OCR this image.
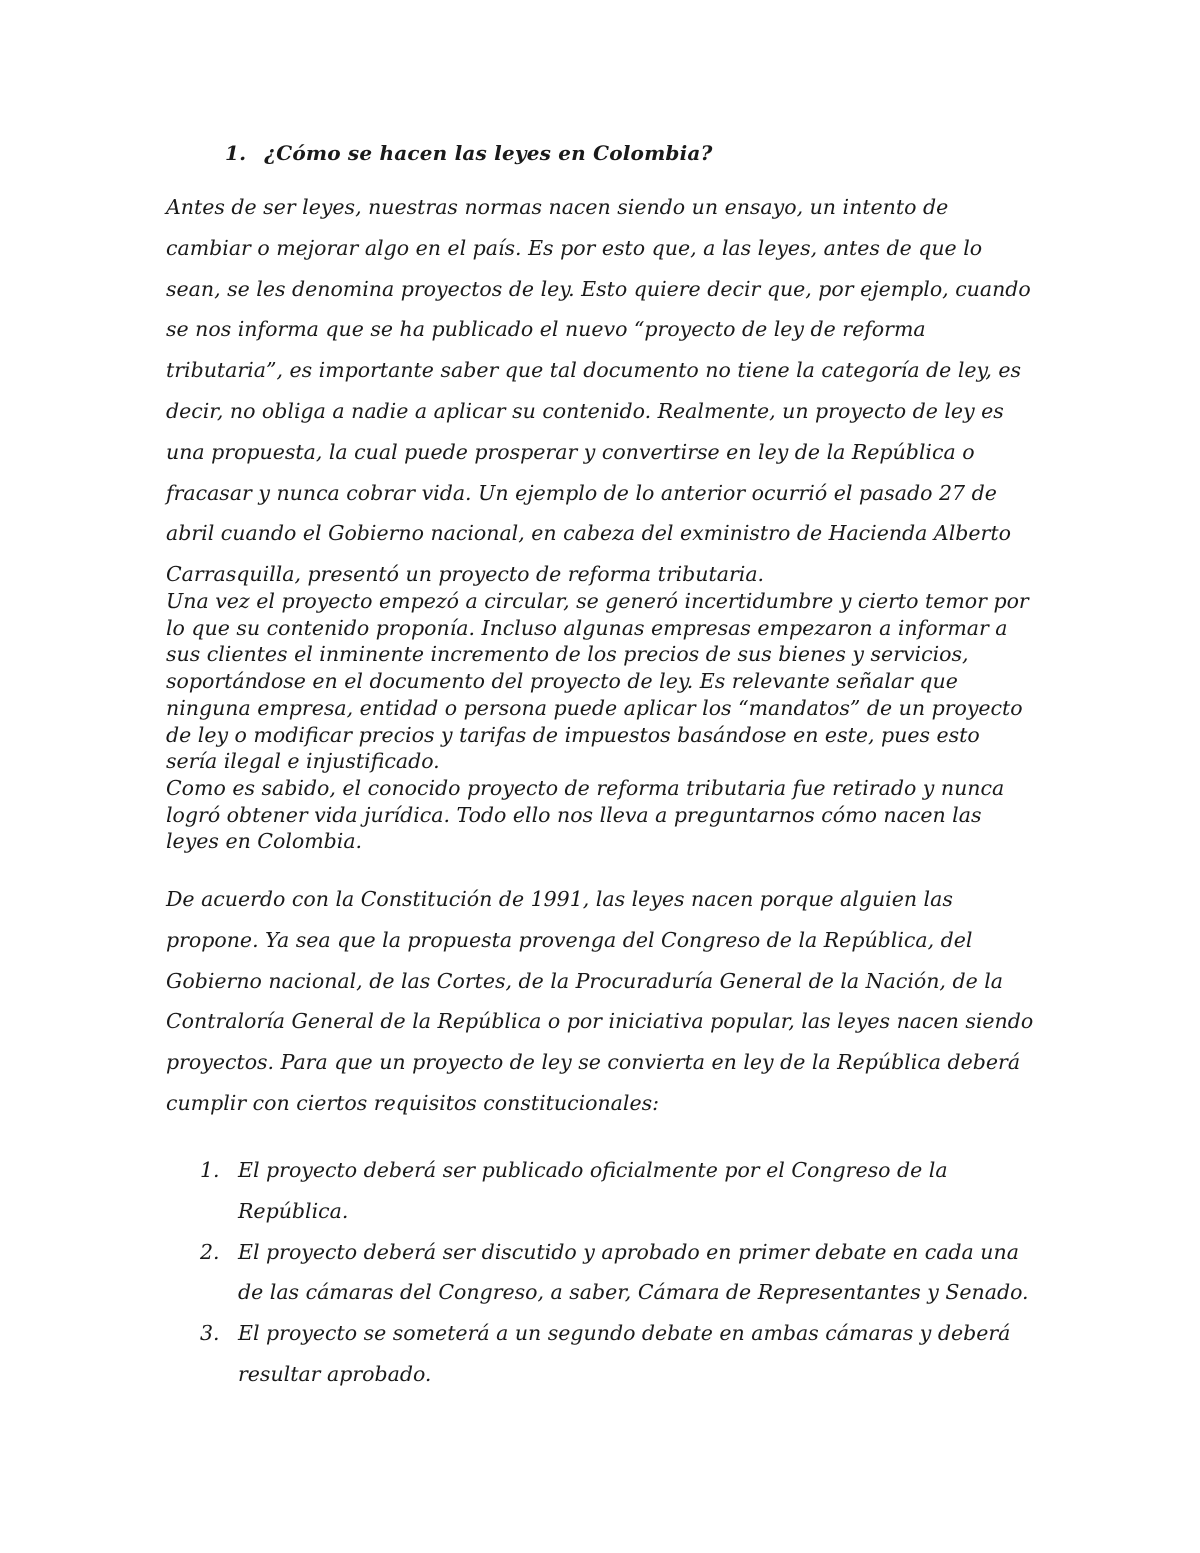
1. ¿Cómo se hacen las leyes en Colombia?

Antes de ser leyes, nuestras normas nacen siendo un ensayo, un intento de cambiar o mejorar algo en el país. Es por esto que, a las leyes, antes de que lo sean, se les denomina proyectos de ley. Esto quiere decir que, por ejemplo, cuando se nos informa que se ha publicado el nuevo “proyecto de ley de reforma tributaria”, es importante saber que tal documento no tiene la categoría de ley, es decir, no obliga a nadie a aplicar su contenido. Realmente, un proyecto de ley es una propuesta, la cual puede prosperar y convertirse en ley de la República o fracasar y nunca cobrar vida. Un ejemplo de lo anterior ocurrió el pasado 27 de abril cuando el Gobierno nacional, en cabeza del exministro de Hacienda Alberto Carrasquilla, presentó un proyecto de reforma tributaria.

Una vez el proyecto empezó a circular, se generó incertidumbre y cierto temor por lo que su contenido proponía. Incluso algunas empresas empezaron a informar a sus clientes el inminente incremento de los precios de sus bienes y servicios, soportándose en el documento del proyecto de ley. Es relevante señalar que ninguna empresa, entidad o persona puede aplicar los “mandatos” de un proyecto de ley o modificar precios y tarifas de impuestos basándose en este, pues esto sería ilegal e injustificado.

Como es sabido, el conocido proyecto de reforma tributaria fue retirado y nunca logró obtener vida jurídica. Todo ello nos lleva a preguntarnos cómo nacen las leyes en Colombia.

De acuerdo con la Constitución de 1991, las leyes nacen porque alguien las propone. Ya sea que la propuesta provenga del Congreso de la República, del Gobierno nacional, de las Cortes, de la Procuraduría General de la Nación, de la Contraloría General de la República o por iniciativa popular, las leyes nacen siendo proyectos. Para que un proyecto de ley se convierta en ley de la República deberá cumplir con ciertos requisitos constitucionales:

1. El proyecto deberá ser publicado oficialmente por el Congreso de la República.
2. El proyecto deberá ser discutido y aprobado en primer debate en cada una de las cámaras del Congreso, a saber, Cámara de Representantes y Senado.
3. El proyecto se someterá a un segundo debate en ambas cámaras y deberá resultar aprobado.
